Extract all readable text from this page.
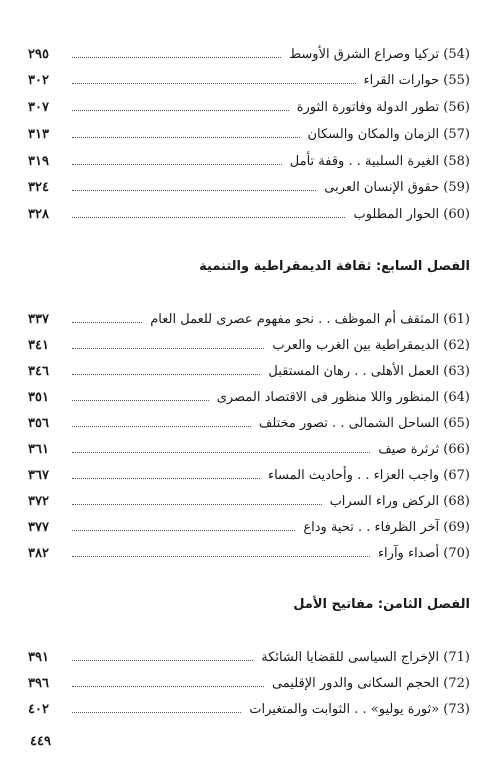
(54) تركيا وصراع الشرق الأوسط
٢٩٥
(55) حوارات القراء
٣٠٢
(56) تطور الدولة وفاتورة الثورة
٣٠٧
(57) الزمان والمكان والسكان
٣١٣
(58) الغيرة السلبية . . وقفة تأمل
٣١٩
(59) حقوق الإنسان العربى
٣٢٤
(60) الحوار المطلوب
٣٢٨
الفصل السابع: ثقافة الديمقراطية والتنمية
(61) المثقف أم الموظف . . نحو مفهوم عصرى للعمل العام
٣٣٧
(62) الديمقراطية بين الغرب والعرب
٣٤١
(63) العمل الأهلى . . رهان المستقبل
٣٤٦
(64) المنظور واللا منظور فى الاقتصاد المصرى
٣٥١
(65) الساحل الشمالى . . تصور مختلف
٣٥٦
(66) ثرثرة صيف
٣٦١
(67) واجب العزاء . . وأحاديث المساء
٣٦٧
(68) الركض وراء السراب
٣٧٢
(69) آخر الظرفاء . . تحية وداع
٣٧٧
(70) أصداء وآراء
٣٨٢
الفصل الثامن: مفاتيح الأمل
(71) الإخراج السياسى للقضايا الشائكة
٣٩١
(72) الحجم السكانى والدور الإقليمى
٣٩٦
(73) «ثورة يوليو» . . الثوابت والمتغيرات
٤٠٢
٤٤٩
